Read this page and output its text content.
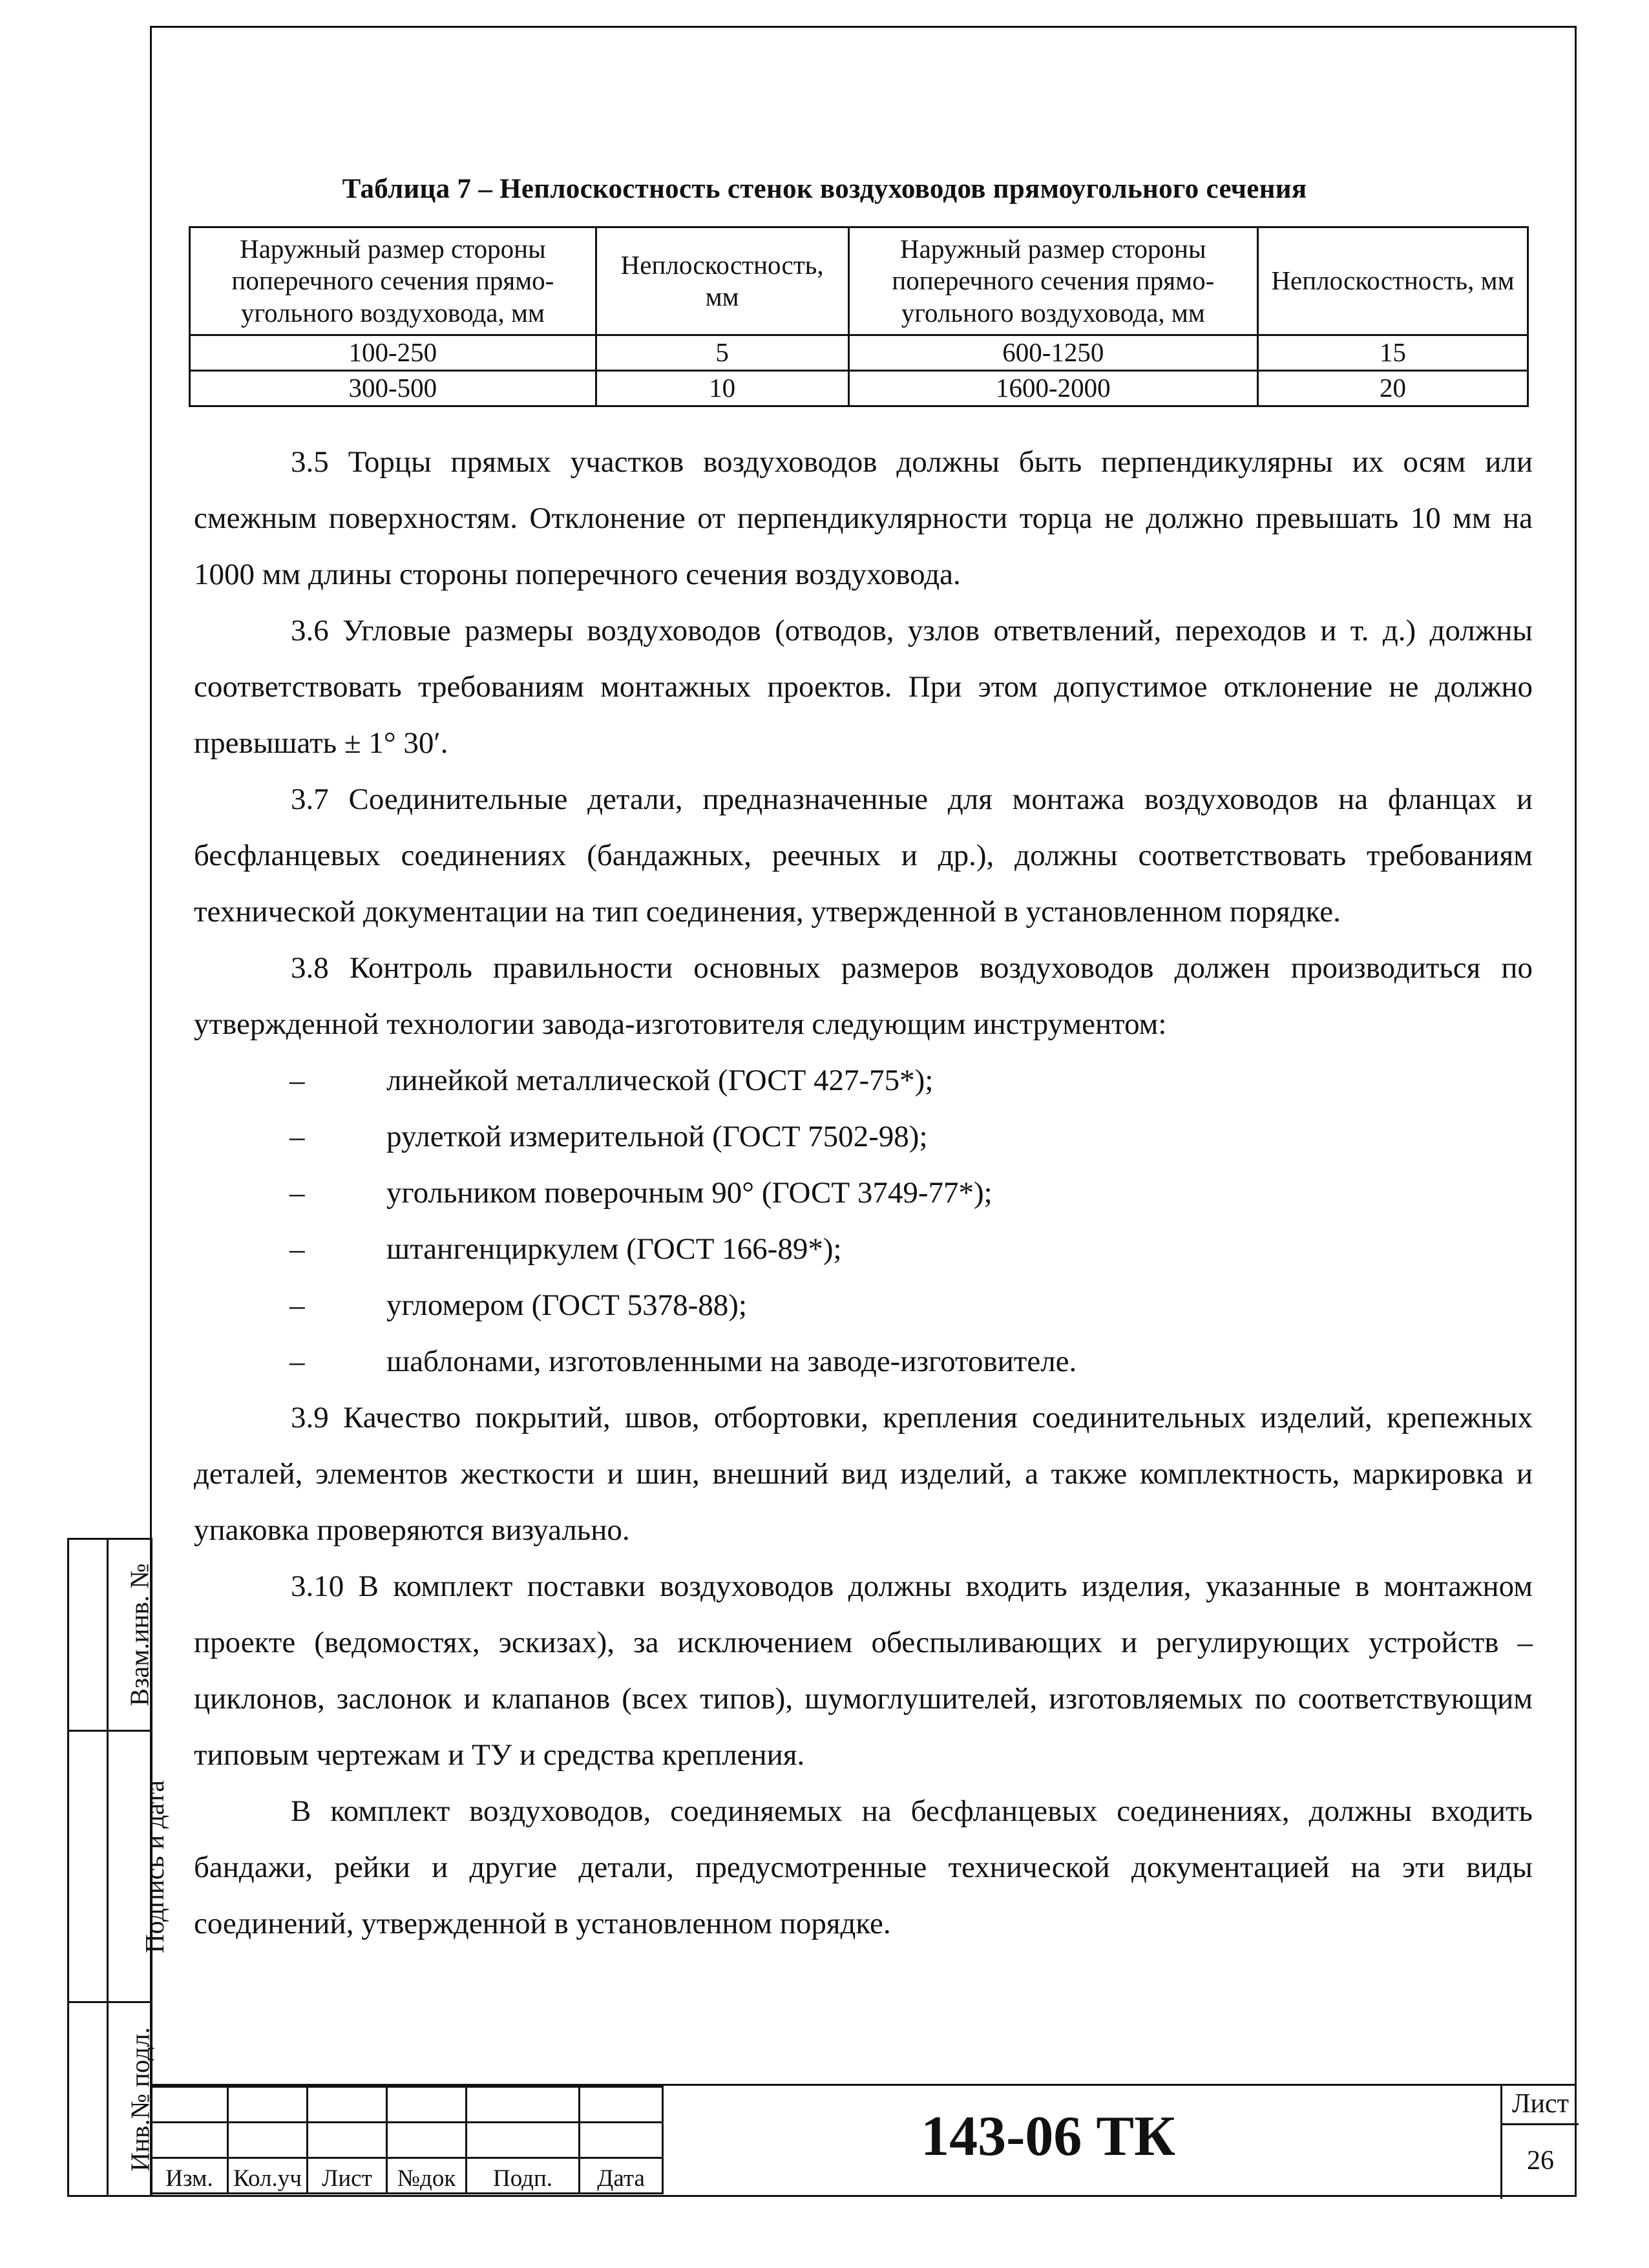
Таблица 7 – Неплоскостность стенок воздуховодов прямоугольного сечения
Наружный размер стороны поперечного сечения прямо-угольного воздуховода, мм	Неплоскостность, мм	Наружный размер стороны поперечного сечения прямо-угольного воздуховода, мм	Неплоскостность, мм
100-250	5	600-1250	15
300-500	10	1600-2000	20

3.5 Торцы прямых участков воздуховодов должны быть перпендикулярны их осям или смежным поверхностям. Отклонение от перпендикулярности торца не должно превышать 10 мм на 1000 мм длины стороны поперечного сечения воздуховода.

3.6 Угловые размеры воздуховодов (отводов, узлов ответвлений, переходов и т. д.) должны соответствовать требованиям монтажных проектов. При этом допустимое отклонение не должно превышать ± 1° 30′.

3.7 Соединительные детали, предназначенные для монтажа воздуховодов на фланцах и бесфланцевых соединениях (бандажных, реечных и др.), должны соответствовать требованиям технической документации на тип соединения, утвержденной в установленном порядке.

3.8 Контроль правильности основных размеров воздуховодов должен производиться по утвержденной технологии завода-изготовителя следующим инструментом:

–	линейкой металлической (ГОСТ 427-75*);
–	рулеткой измерительной (ГОСТ 7502-98);
–	угольником поверочным 90° (ГОСТ 3749-77*);
–	штангенциркулем (ГОСТ 166-89*);
–	угломером (ГОСТ 5378-88);
–	шаблонами, изготовленными на заводе-изготовителе.

3.9 Качество покрытий, швов, отбортовки, крепления соединительных изделий, крепежных деталей, элементов жесткости и шин, внешний вид изделий, а также комплектность, маркировка и упаковка проверяются визуально.

3.10 В комплект поставки воздуховодов должны входить изделия, указанные в монтажном проекте (ведомостях, эскизах), за исключением обеспыливающих и регулирующих устройств – циклонов, заслонок и клапанов (всех типов), шумоглушителей, изготовляемых по соответствующим типовым чертежам и ТУ и средства крепления.

В комплект воздуховодов, соединяемых на бесфланцевых соединениях, должны входить бандажи, рейки и другие детали, предусмотренные технической документацией на эти виды соединений, утвержденной в установленном порядке.

Взам.инв. №
Подпись и дата
Инв.№ подл.

Изм.	Кол.уч	Лист	№док	Подп.	Дата
143-06 ТК
Лист
26
